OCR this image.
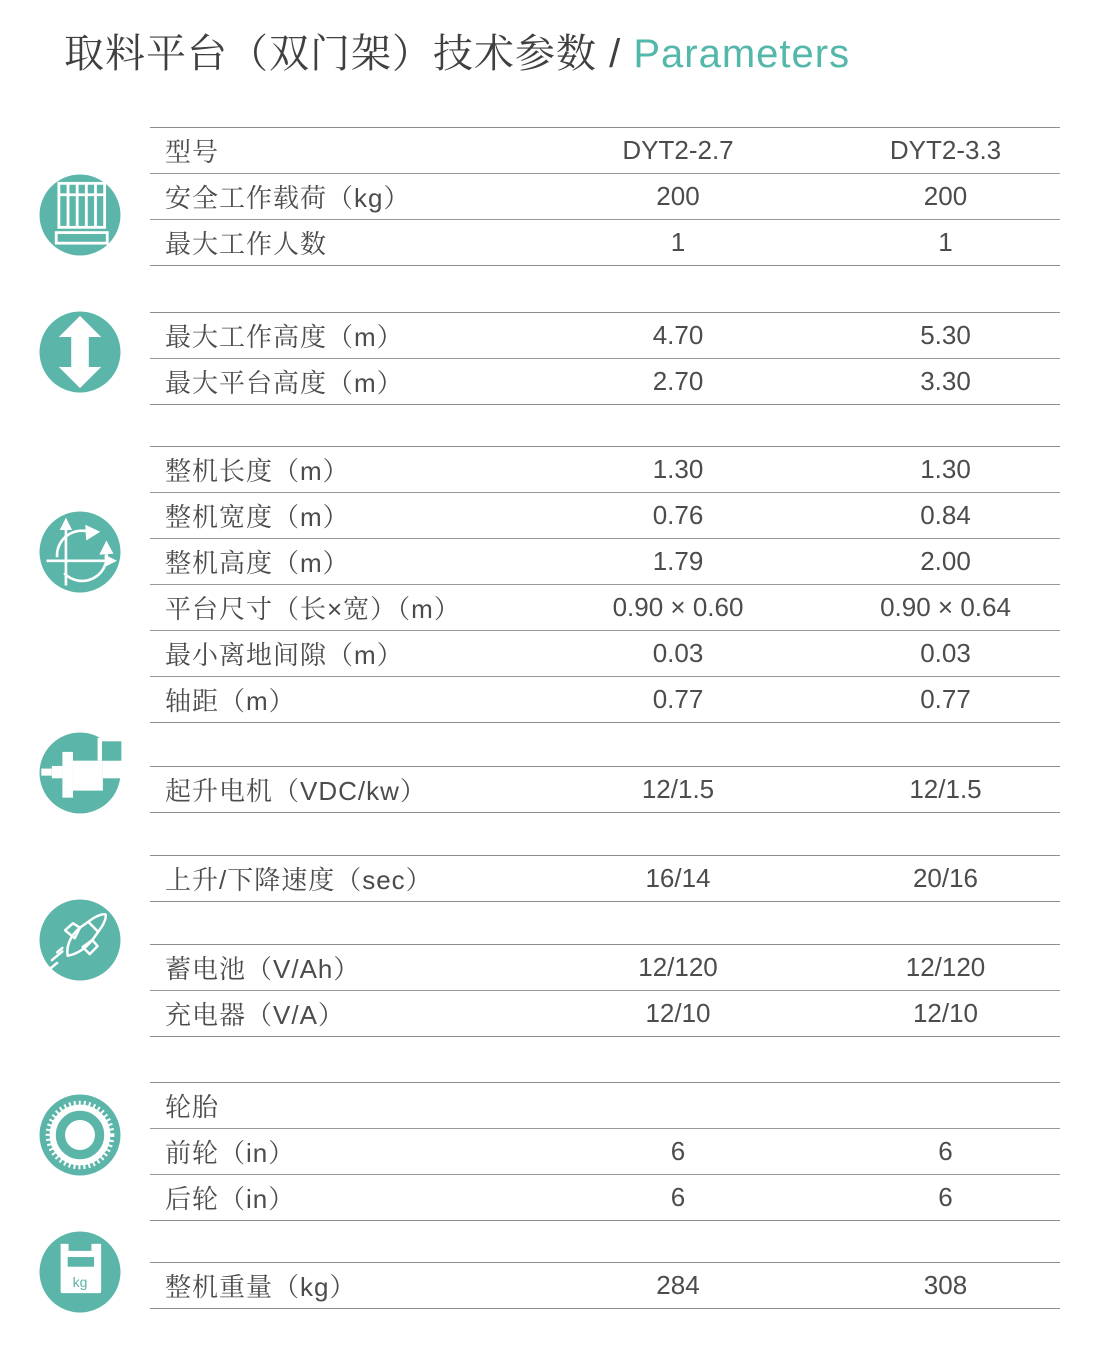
取料平台（双门架）技术参数 / Parameters
kg
型号	DYT2-2.7	DYT2-3.3
安全工作载荷（kg）	200	200
最大工作人数	1	1
最大工作高度（m）	4.70	5.30
最大平台高度（m）	2.70	3.30
整机长度（m）	1.30	1.30
整机宽度（m）	0.76	0.84
整机高度（m）	1.79	2.00
平台尺寸（长×宽）（m）	0.90 × 0.60	0.90 × 0.64
最小离地间隙（m）	0.03	0.03
轴距（m）	0.77	0.77
起升电机（VDC/kw）	12/1.5	12/1.5
上升/下降速度（sec）	16/14	20/16
蓄电池（V/Ah）	12/120	12/120
充电器（V/A）	12/10	12/10
轮胎
前轮（in）	6	6
后轮（in）	6	6
整机重量（kg）	284	308
